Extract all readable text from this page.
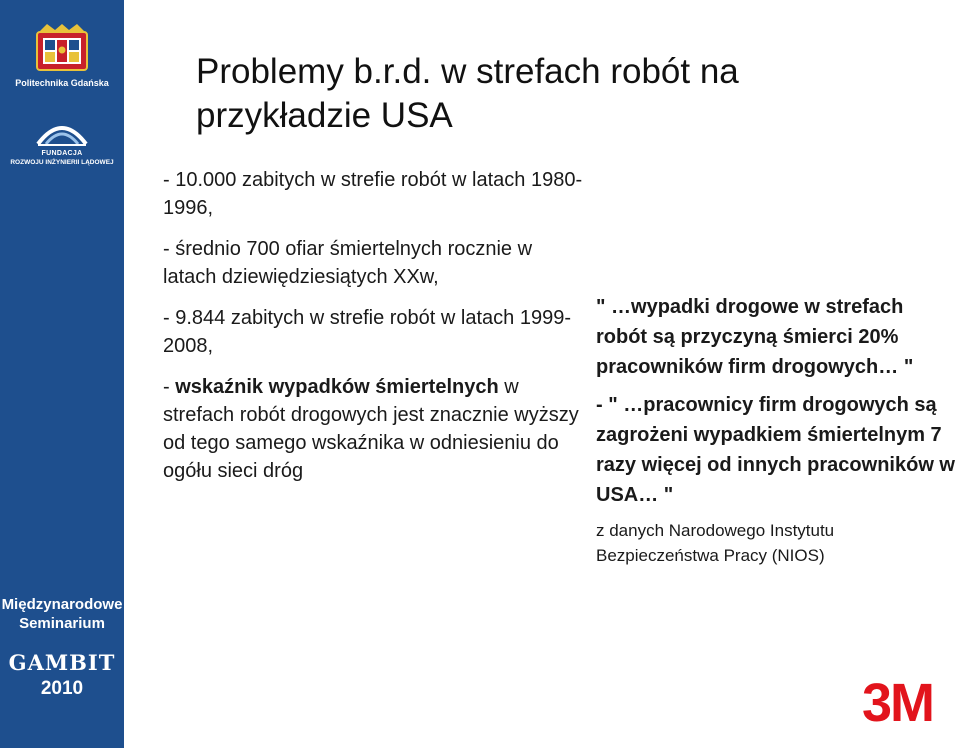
Politechnika Gdańska
FUNDACJA
ROZWOJU INŻYNIERII LĄDOWEJ
Międzynarodowe
Seminarium
GAMBIT
2010
Problemy b.r.d. w strefach robót na
przykładzie USA

- 10.000 zabitych w strefie robót w latach 1980-1996,

- średnio 700 ofiar śmiertelnych rocznie w latach dziewiędziesiątych XXw,

- 9.844 zabitych w strefie robót w latach 1999-2008,

- wskaźnik wypadków śmiertelnych w strefach robót drogowych jest znacznie wyższy od tego samego wskaźnika w odniesieniu do ogółu sieci dróg

" …wypadki drogowe w strefach robót są przyczyną śmierci 20% pracowników firm drogowych… "

- " …pracownicy firm drogowych są zagrożeni wypadkiem śmiertelnym 7 razy więcej od innych pracowników w USA… "

z danych Narodowego Instytutu Bezpieczeństwa Pracy (NIOS)

3M
